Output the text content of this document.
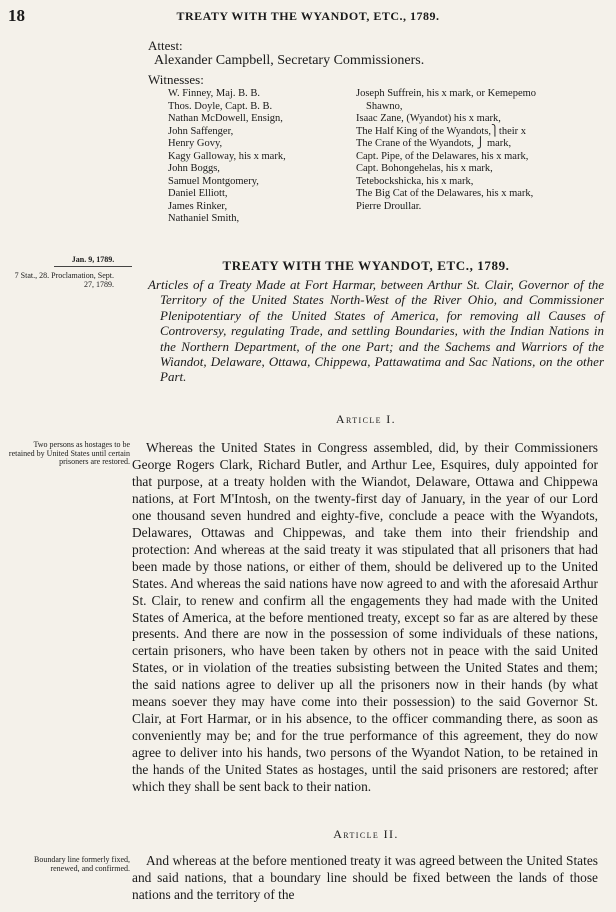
18	TREATY WITH THE WYANDOT, ETC., 1789.
Attest:
Alexander Campbell, Secretary Commissioners.
Witnesses:
W. Finney, Maj. B. B.
Thos. Doyle, Capt. B. B.
Nathan McDowell, Ensign,
John Saffenger,
Henry Govy,
Kagy Galloway, his x mark,
John Boggs,
Samuel Montgomery,
Daniel Elliott,
James Rinker,
Nathaniel Smith,
Joseph Suffrein, his x mark, or Kemepemo
Shawno,
Isaac Zane, (Wyandot) his x mark,
The Half King of the Wyandots,⎫their x
The Crane of the Wyandots, ⎭ mark,
Capt. Pipe, of the Delawares, his x mark,
Capt. Bohongehelas, his x mark,
Tetebockshicka, his x mark,
The Big Cat of the Delawares, his x mark,
Pierre Droullar.
Jan. 9, 1789.
7 Stat., 28. Proclamation, Sept. 27, 1789.
TREATY WITH THE WYANDOT, ETC., 1789.
Articles of a Treaty Made at Fort Harmar, between Arthur St. Clair, Governor of the Territory of the United States North-West of the River Ohio, and Commissioner Plenipotentiary of the United States of America, for removing all Causes of Controversy, regulating Trade, and settling Boundaries, with the Indian Nations in the Northern Department, of the one Part; and the Sachems and Warriors of the Wiandot, Delaware, Ottawa, Chippewa, Pattawatima and Sac Nations, on the other Part.
Article I.
Two persons as hostages to be retained by United States until certain prisoners are restored.
Whereas the United States in Congress assembled, did, by their Commissioners George Rogers Clark, Richard Butler, and Arthur Lee, Esquires, duly appointed for that purpose, at a treaty holden with the Wiandot, Delaware, Ottawa and Chippewa nations, at Fort M'Intosh, on the twenty-first day of January, in the year of our Lord one thousand seven hundred and eighty-five, conclude a peace with the Wyandots, Delawares, Ottawas and Chippewas, and take them into their friendship and protection: And whereas at the said treaty it was stipulated that all prisoners that had been made by those nations, or either of them, should be delivered up to the United States. And whereas the said nations have now agreed to and with the aforesaid Arthur St. Clair, to renew and confirm all the engagements they had made with the United States of America, at the before mentioned treaty, except so far as are altered by these presents. And there are now in the possession of some individuals of these nations, certain prisoners, who have been taken by others not in peace with the said United States, or in violation of the treaties subsisting between the United States and them; the said nations agree to deliver up all the prisoners now in their hands (by what means soever they may have come into their possession) to the said Governor St. Clair, at Fort Harmar, or in his absence, to the officer commanding there, as soon as conveniently may be; and for the true performance of this agreement, they do now agree to deliver into his hands, two persons of the Wyandot Nation, to be retained in the hands of the United States as hostages, until the said prisoners are restored; after which they shall be sent back to their nation.
Article II.
Boundary line formerly fixed, renewed, and confirmed.
And whereas at the before mentioned treaty it was agreed between the United States and said nations, that a boundary line should be fixed between the lands of those nations and the territory of the
